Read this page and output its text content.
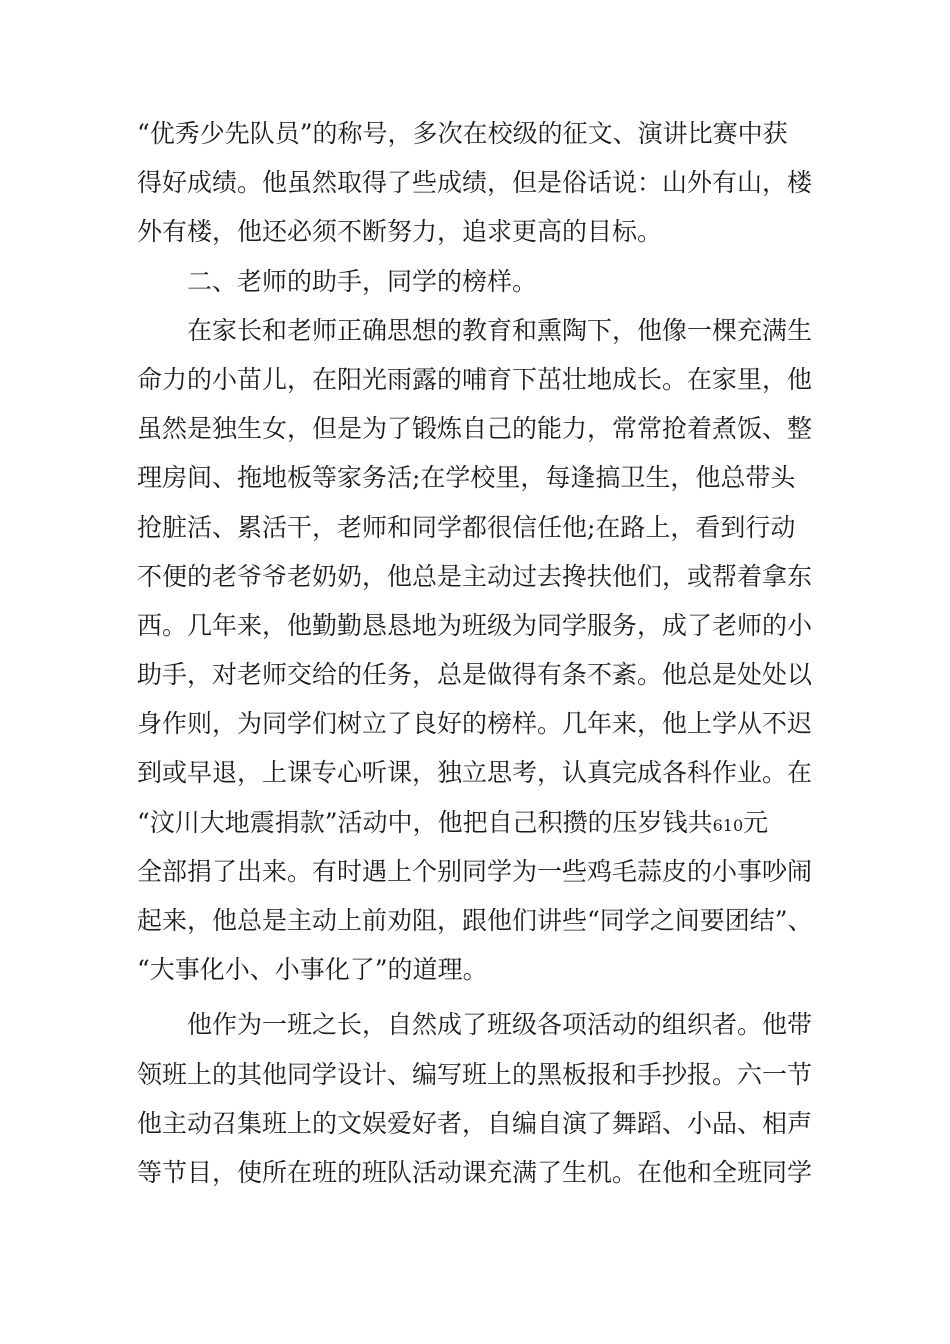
“优秀少先队员”的称号，多次在校级的征文、演讲比赛中获
得好成绩。他虽然取得了些成绩，但是俗话说：山外有山，楼
外有楼，他还必须不断努力，追求更高的目标。
二、老师的助手，同学的榜样。
在家长和老师正确思想的教育和熏陶下，他像一棵充满生
命力的小苗儿，在阳光雨露的哺育下茁壮地成长。在家里，他
虽然是独生女，但是为了锻炼自己的能力，常常抢着煮饭、整
理房间、拖地板等家务活;在学校里，每逢搞卫生，他总带头
抢脏活、累活干，老师和同学都很信任他;在路上，看到行动
不便的老爷爷老奶奶，他总是主动过去搀扶他们，或帮着拿东
西。几年来，他勤勤恳恳地为班级为同学服务，成了老师的小
助手，对老师交给的任务，总是做得有条不紊。他总是处处以
身作则，为同学们树立了良好的榜样。几年来，他上学从不迟
到或早退，上课专心听课，独立思考，认真完成各科作业。在
“汶川大地震捐款”活动中，他把自己积攒的压岁钱共610元
全部捐了出来。有时遇上个别同学为一些鸡毛蒜皮的小事吵闹
起来，他总是主动上前劝阻，跟他们讲些“同学之间要团结”、
“大事化小、小事化了”的道理。
他作为一班之长，自然成了班级各项活动的组织者。他带
领班上的其他同学设计、编写班上的黑板报和手抄报。六一节
他主动召集班上的文娱爱好者，自编自演了舞蹈、小品、相声
等节目，使所在班的班队活动课充满了生机。在他和全班同学
